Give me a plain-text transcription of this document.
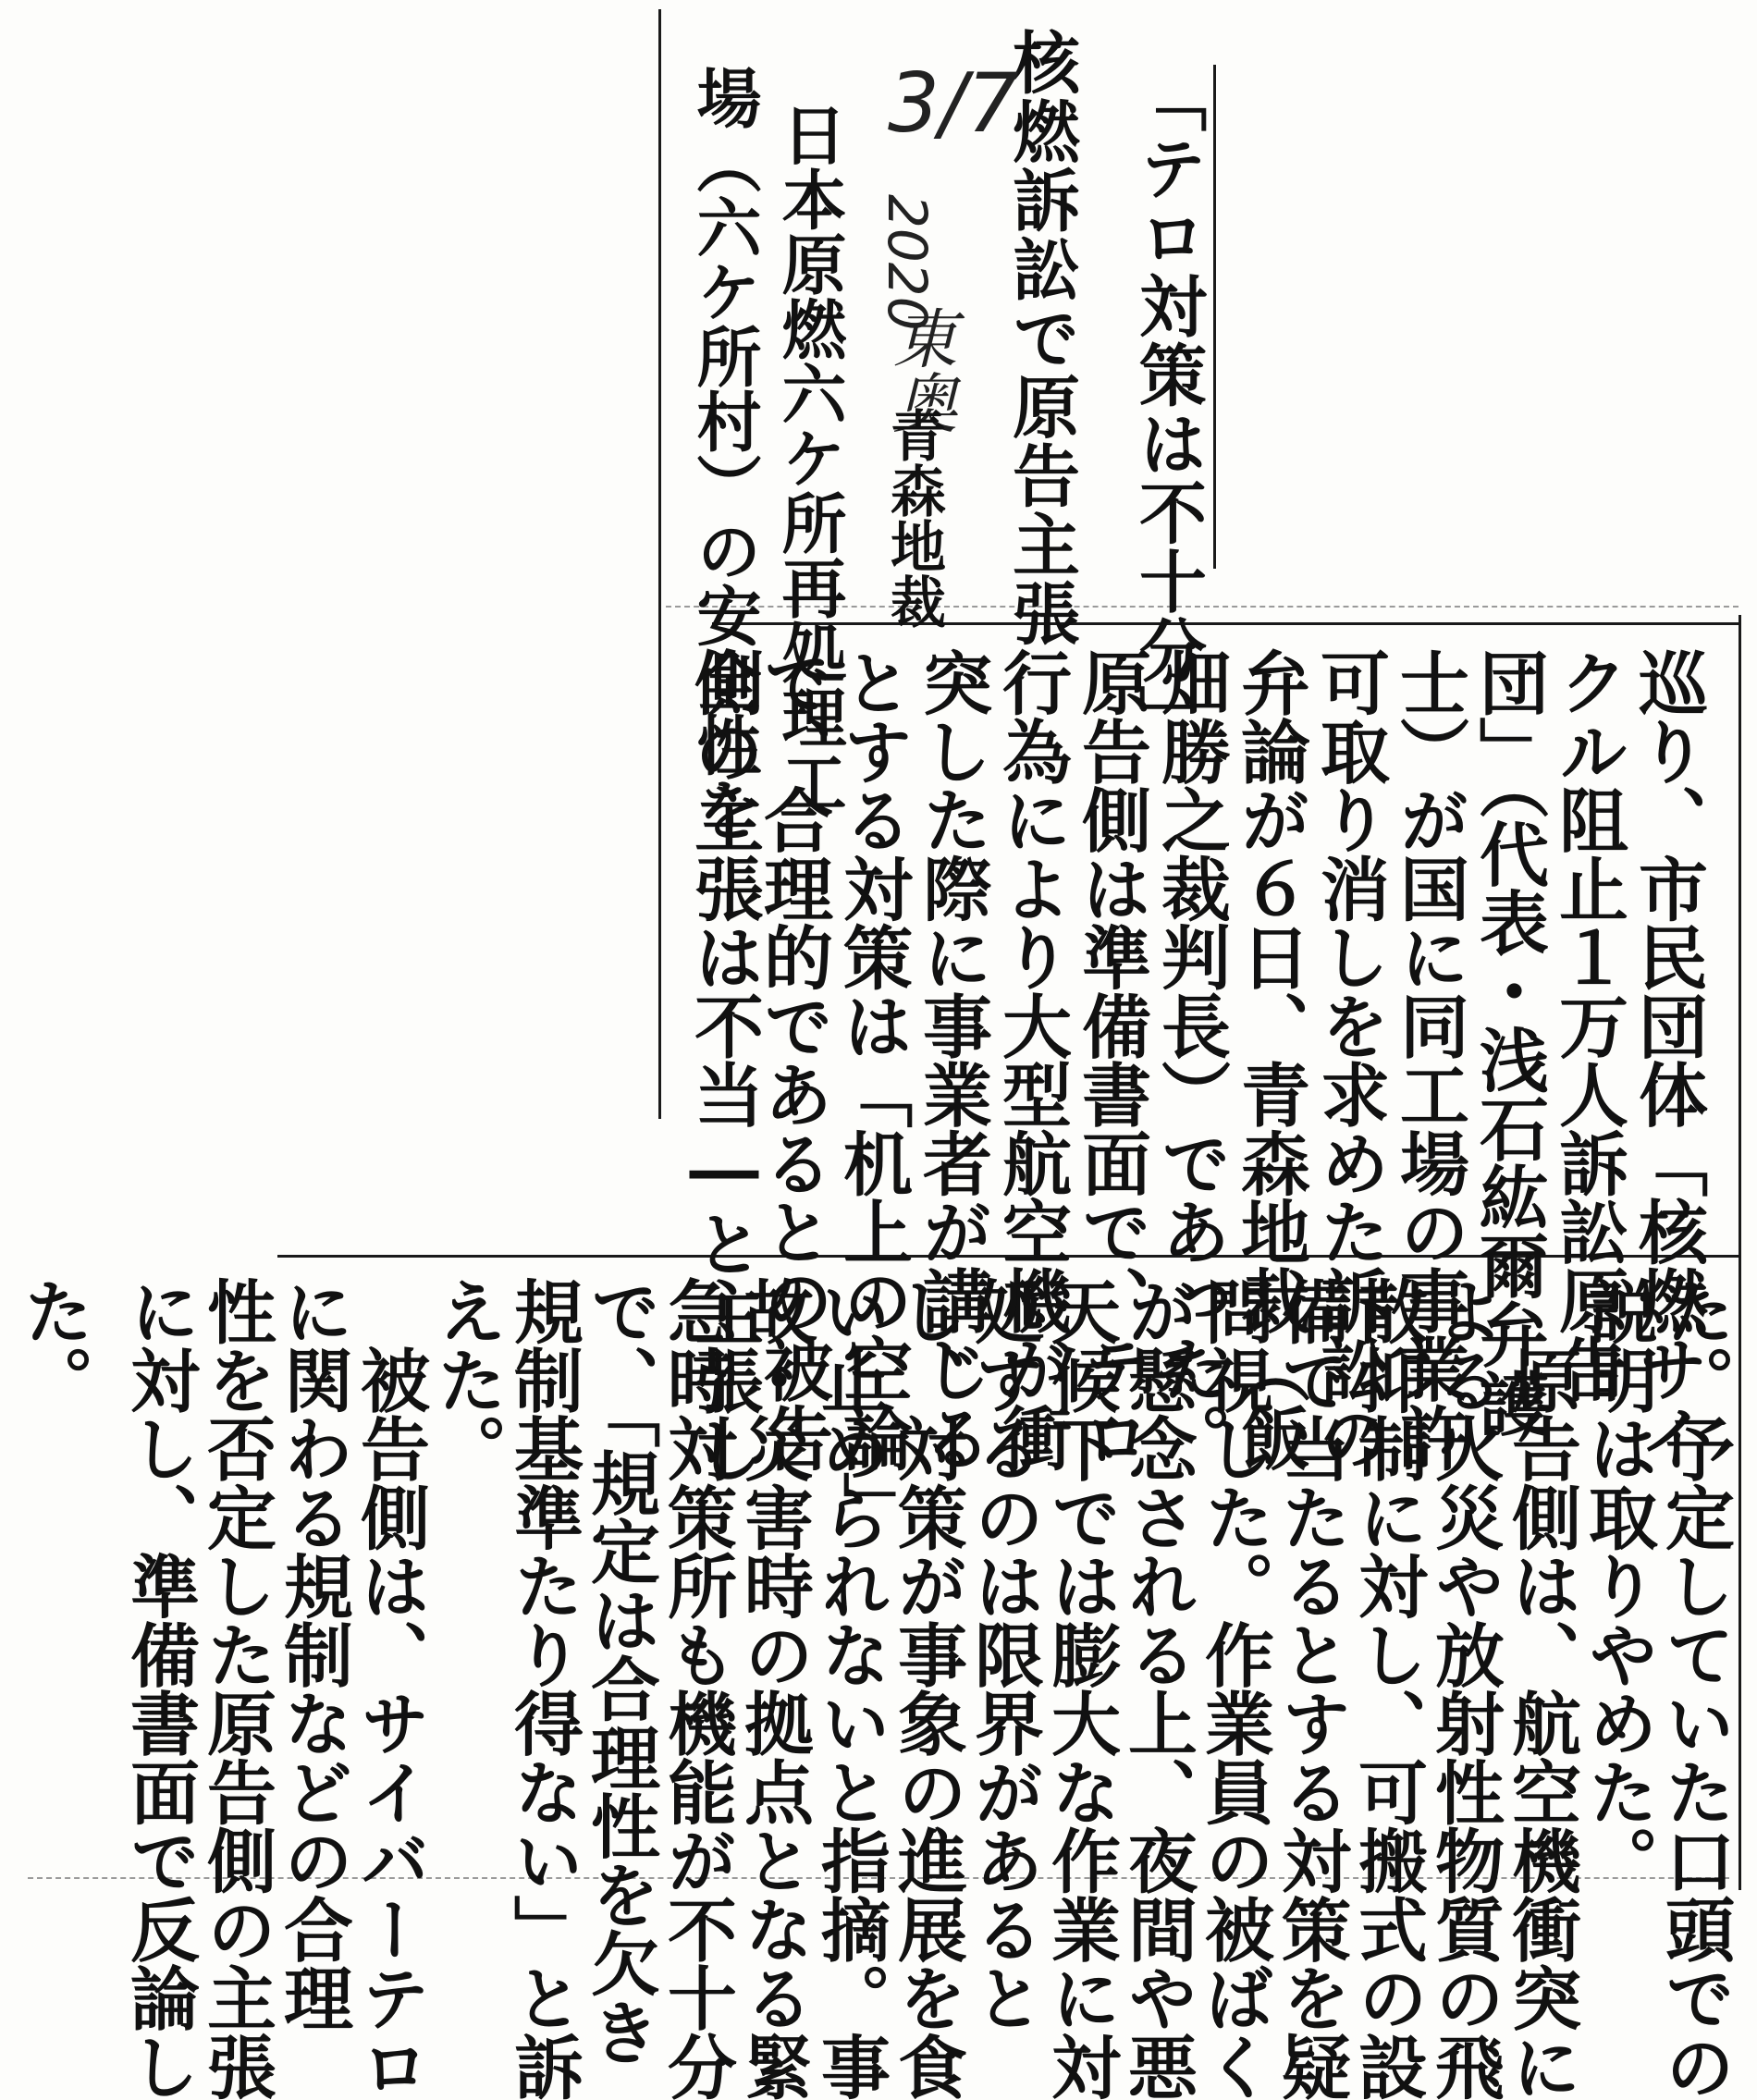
「テロ対策は不十分」
核燃訴訟で原告主張
3/7
2020
東奥
青森地裁
日本原燃六ケ所再処理工
場（六ケ所村）の安全性を
巡り、市民団体「核燃サイ
クル阻止１万人訴訟原告
団」（代表・浅石紘爾弁護
士）が国に同工場の事業許
可取り消しを求めた訴訟の
弁論が６日、青森地裁（飯
畑勝之裁判長）であった。
原告側は準備書面で、テロ
行為により大型航空機が衝
突した際に事業者が講じる
とする対策は「机上の空論」
で、合理的であるとの被告
側の主張は不当―と主張し
た。予定していた口頭での
説明は取りやめた。
　原告側は、航空機衝突に
よる火災や放射性物質の飛
散抑制に対し、可搬式の設
備で当たるとする対策を疑
問視した。作業員の被ばく
が懸念される上、夜間や悪
天候下では膨大な作業に対
処するのは限界があると
し、対策が事象の進展を食
い止められないと指摘。事
故・災害時の拠点となる緊
急時対策所も機能が不十分
で、「規定は合理性を欠き
規制基準たり得ない」と訴
えた。
　被告側は、サイバーテロ
に関わる規制などの合理
性を否定した原告側の主張
に対し、準備書面で反論し
た。
